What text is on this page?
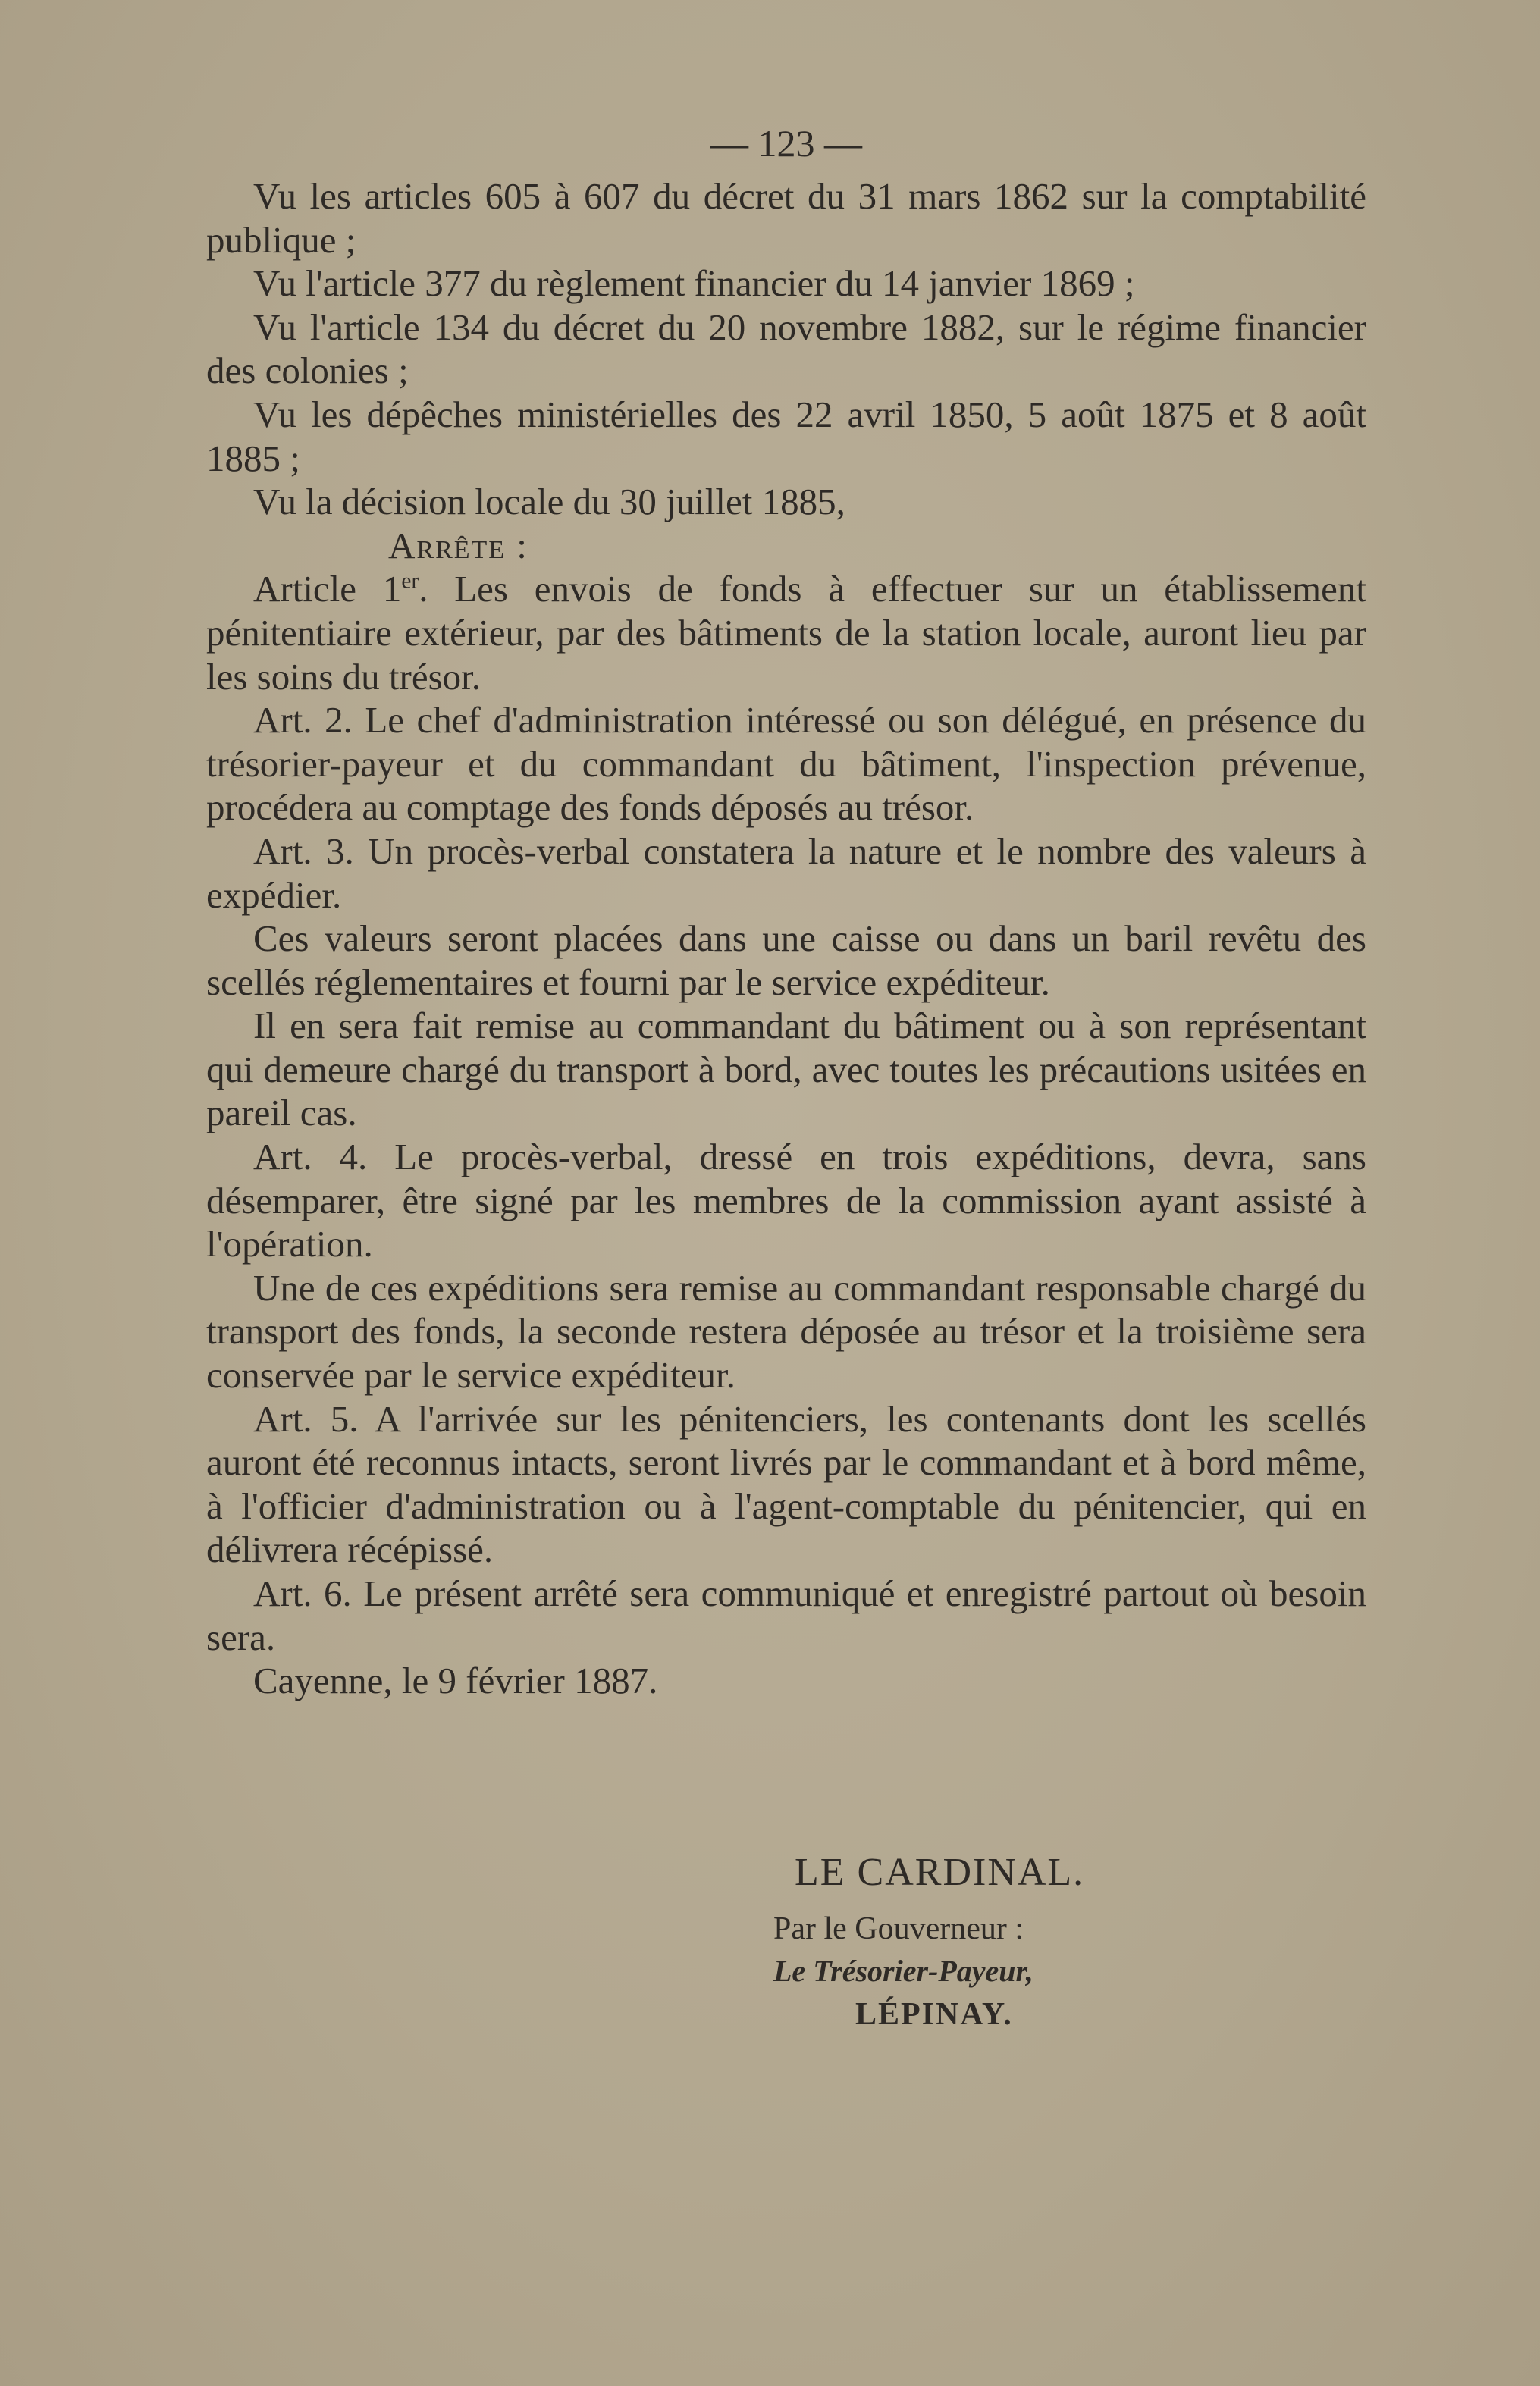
— 123 —

Vu les articles 605 à 607 du décret du 31 mars 1862 sur la comptabilité publique ;

Vu l'article 377 du règlement financier du 14 janvier 1869 ;

Vu l'article 134 du décret du 20 novembre 1882, sur le régime financier des colonies ;

Vu les dépêches ministérielles des 22 avril 1850, 5 août 1875 et 8 août 1885 ;

Vu la décision locale du 30 juillet 1885,

Arrête :

Article 1er. Les envois de fonds à effectuer sur un établissement pénitentiaire extérieur, par des bâtiments de la station locale, auront lieu par les soins du trésor.

Art. 2. Le chef d'administration intéressé ou son délégué, en présence du trésorier-payeur et du commandant du bâtiment, l'inspection prévenue, procédera au comptage des fonds déposés au trésor.

Art. 3. Un procès-verbal constatera la nature et le nombre des valeurs à expédier.

Ces valeurs seront placées dans une caisse ou dans un baril revêtu des scellés réglementaires et fourni par le service expéditeur.

Il en sera fait remise au commandant du bâtiment ou à son représentant qui demeure chargé du transport à bord, avec toutes les précautions usitées en pareil cas.

Art. 4. Le procès-verbal, dressé en trois expéditions, devra, sans désemparer, être signé par les membres de la commission ayant assisté à l'opération.

Une de ces expéditions sera remise au commandant responsable chargé du transport des fonds, la seconde restera déposée au trésor et la troisième sera conservée par le service expéditeur.

Art. 5. A l'arrivée sur les pénitenciers, les contenants dont les scellés auront été reconnus intacts, seront livrés par le commandant et à bord même, à l'officier d'administration ou à l'agent-comptable du pénitencier, qui en délivrera récépissé.

Art. 6. Le présent arrêté sera communiqué et enregistré partout où besoin sera.

Cayenne, le 9 février 1887.

LE CARDINAL.

Par le Gouverneur :

Le Trésorier-Payeur,

LÉPINAY.
